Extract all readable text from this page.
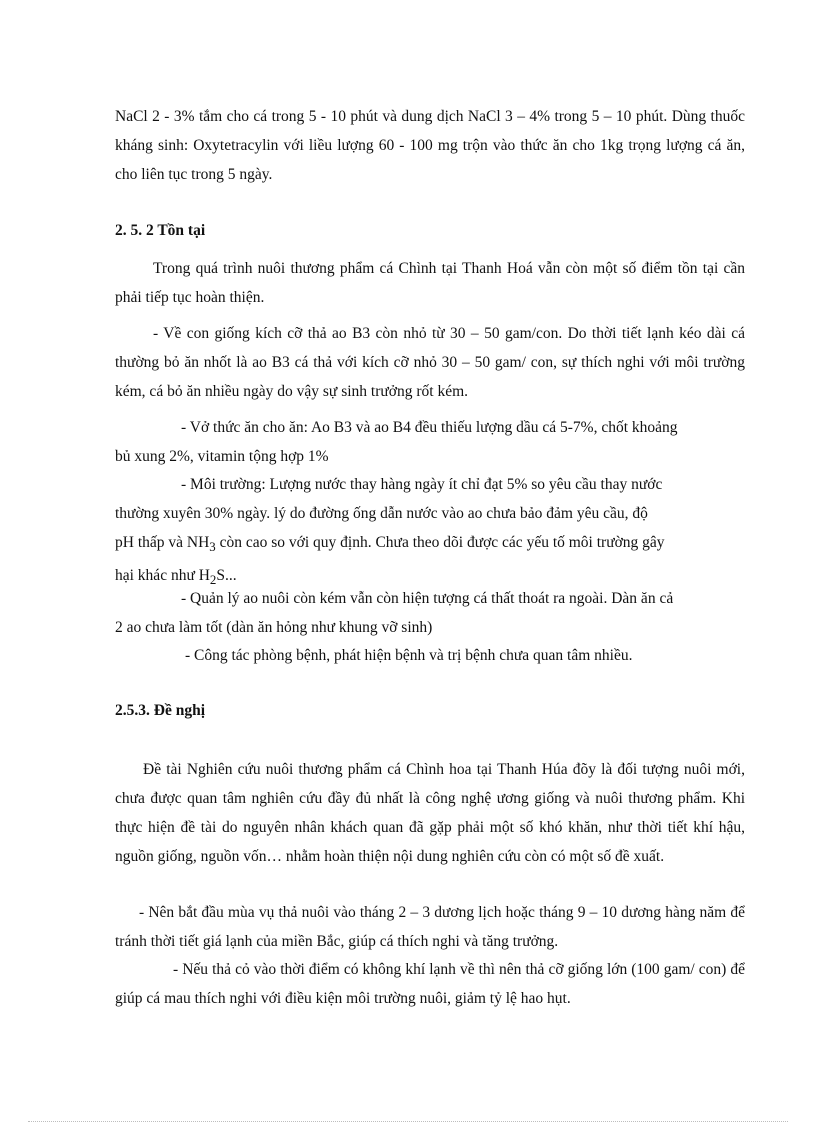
NaCl 2 - 3% tắm cho cá trong 5 - 10 phút và dung dịch NaCl 3 – 4% trong 5 – 10 phút. Dùng thuốc kháng sinh: Oxytetracylin với liều lượng 60 - 100 mg trộn vào thức ăn cho 1kg trọng lượng cá ăn, cho liên tục trong 5 ngày.

2. 5. 2 Tồn tại

Trong quá trình nuôi thương phẩm cá Chình tại Thanh Hoá vẫn còn một số điểm tồn tại cần phải tiếp tục hoàn thiện.

- Về con giống kích cỡ thả ao B3 còn nhỏ từ 30 – 50 gam/con. Do thời tiết lạnh kéo dài cá thường bỏ ăn nhốt là ao B3 cá thả với kích cỡ nhỏ 30 – 50 gam/ con, sự thích nghi với môi trường kém, cá bỏ ăn nhiều ngày do vậy sự sinh trưởng rốt kém.

- Vở thức ăn cho ăn: Ao B3 và ao B4 đều thiếu lượng dầu cá 5-7%, chốt khoảng
bủ xung 2%, vitamin tộng hợp 1%
- Môi trường: Lượng nước thay hàng ngày ít chỉ đạt 5% so yêu cầu thay nước
thường xuyên 30% ngày. lý do đường ống dẫn nước vào ao chưa bảo đảm yêu cầu, độ
pH thấp và $NH_3$ còn cao so với quy định. Chưa theo dõi được các yếu tố môi trường gây
hại khác như $H_2S$...
- Quản lý ao nuôi còn kém vẫn còn hiện tượng cá thất thoát ra ngoài. Dàn ăn cả
2 ao chưa làm tốt (dàn ăn hỏng như khung vỡ sinh)
- Công tác phòng bệnh, phát hiện bệnh và trị bệnh chưa quan tâm nhiều.
2.5.3. Đề nghị

Đề tài Nghiên cứu nuôi thương phẩm cá Chình hoa tại Thanh Húa đõy là đối tượng nuôi mới, chưa được quan tâm nghiên cứu đầy đủ nhất là công nghệ ương giống và nuôi thương phẩm. Khi thực hiện đề tài do nguyên nhân khách quan đã gặp phải một số khó khăn, như thời tiết khí hậu, nguồn giống, nguồn vốn… nhằm hoàn thiện nội dung nghiên cứu còn có một số đề xuất.

- Nên bắt đầu mùa vụ thả nuôi vào tháng 2 – 3 dương lịch hoặc tháng 9 – 10 dương hàng năm để tránh thời tiết giá lạnh của miền Bắc, giúp cá thích nghi và tăng trưởng.

- Nếu thả cỏ vào thời điểm có không khí lạnh về thì nên thả cỡ giống lớn (100 gam/ con) để giúp cá mau thích nghi với điều kiện môi trường nuôi, giảm tỷ lệ hao hụt.
